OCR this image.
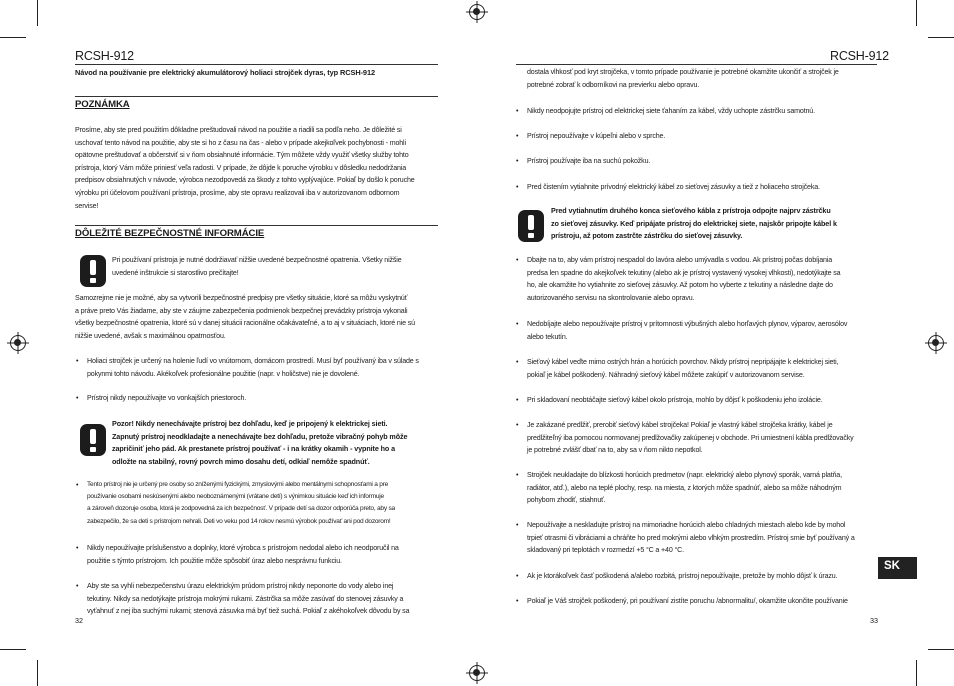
RCSH-912
Návod na používanie pre elektrický akumulátorový holiaci strojček dyras, typ RCSH-912
POZNÁMKA
Prosíme, aby ste pred použitím dôkladne preštudovali návod na použitie a riadili sa podľa neho. Je dôležité si
uschovať tento návod na použitie, aby ste si ho z času na čas - alebo v prípade akejkoľvek pochybnosti - mohli
opätovne preštudovať a občerstviť si v ňom obsiahnuté informácie. Tým môžete vždy využiť všetky služby tohto
prístroja, ktorý Vám môže priniesť veľa radosti. V prípade, že dôjde k poruche výrobku v dôsledku nedodržania
predpisov obsiahnutých v návode, výrobca nezodpovedá za škody z tohto vyplývajúce. Pokiaľ by došlo k poruche
výrobku pri účelovom používaní prístroja, prosíme, aby ste opravu realizovali iba v autorizovanom odbornom
servise!
DÔLEŽITÉ BEZPEČNOSTNÉ INFORMÁCIE
Pri používaní prístroja je nutné dodržiavať nižšie uvedené bezpečnostné opatrenia. Všetky nižšie
uvedené inštrukcie si starostlivo prečítajte!
Samozrejme nie je možné, aby sa vytvorili bezpečnostné predpisy pre všetky situácie, ktoré sa môžu vyskytnúť
a práve preto Vás žiadame, aby ste v záujme zabezpečenia podmienok bezpečnej prevádzky prístroja vykonali
všetky bezpečnostné opatrenia, ktoré sú v danej situácii racionálne očakávateľné, a to aj v situáciach, ktoré nie sú
nižšie uvedené, avšak s maximálnou opatrnosťou.
• Holiaci strojček je určený na holenie ľudí vo vnútornom, domácom prostredí. Musí byť používaný iba v súlade s
pokynmi tohto návodu. Akékoľvek profesionálne použitie (napr. v holičstve) nie je dovolené.
• Prístroj nikdy nepoužívajte vo vonkajších priestoroch.
Pozor! Nikdy nenechávajte prístroj bez dohľadu, keď je pripojený k elektrickej sieti.
Zapnutý prístroj neodkladajte a nenechávajte bez dohľadu, pretože vibračný pohyb môže
zapričiniť jeho pád. Ak prestanete prístroj používať - i na krátky okamih - vypnite ho a
odložte na stabilný, rovný povrch mimo dosahu detí, odkiaľ nemôže spadnúť.
• Tento prístroj nie je určený pre osoby so zníženými fyzickými, zmyslovými alebo mentálnymi schopnosťami a pre
používanie osobami neskúsenými alebo neoboznámenými (vrátane detí) s výnimkou situácie keď ich informuje
a zároveň dozoruje osoba, ktorá je zodpovedná za ich bezpečnosť. V prípade detí sa dozor odporúča preto, aby sa
zabezpečilo, že sa deti s prístrojom nehrali. Deti vo veku pod 14 rokov nesmú výrobok používať ani pod dozorom!
• Nikdy nepoužívajte príslušenstvo a doplnky, ktoré výrobca s prístrojom nedodal alebo ich neodporučil na
použitie s týmto prístrojom. Ich použitie môže spôsobiť úraz alebo nesprávnu funkciu.
• Aby ste sa vyhli nebezpečenstvu úrazu elektrickým prúdom prístroj nikdy neponorte do vody alebo inej
tekutiny. Nikdy sa nedotýkajte prístroja mokrými rukami. Zástrčka sa môže zasúvať do stenovej zásuvky a
vyťahnuť z nej iba suchými rukami; stenová zásuvka má byť tiež suchá. Pokiaľ z akéhokoľvek dôvodu by sa
32
RCSH-912
dostala vlhkosť pod kryt strojčeka, v tomto prípade používanie je potrebné okamžite ukončiť a strojček je
potrebné zobrať k odborníkovi na previerku alebo opravu.
• Nikdy neodpojujte prístroj od elektrickej siete ťahaním za kábel, vždy uchopte zástrčku samotnú.
• Prístroj nepoužívajte v kúpeľni alebo v sprche.
• Prístroj používajte iba na suchú pokožku.
• Pred čistením vytiahnite prívodný elektrický kábel zo sieťovej zásuvky a tiež z holiaceho strojčeka.
Pred vytiahnutím druhého konca sieťového kábla z prístroja odpojte najprv zástrčku
zo sieťovej zásuvky. Keď pripájate prístroj do elektrickej siete, najskôr pripojte kábel k
prístroju, až potom zastrčte zástrčku do sieťovej zásuvky.
• Dbajte na to, aby vám prístroj nespadol do lavóra alebo umývadla s vodou. Ak prístroj počas dobíjania
predsa len spadne do akejkoľvek tekutiny (alebo ak je prístroj vystavený vysokej vlhkosti), nedotýkajte sa
ho, ale okamžite ho vytiahnite zo sieťovej zásuvky. Až potom ho vyberte z tekutiny a následne dajte do
autorizovaného servisu na skontrolovanie alebo opravu.
• Nedobíjajte alebo nepoužívajte prístroj v prítomnosti výbušných alebo horľavých plynov, výparov, aerosólov
alebo tekutín.
• Sieťový kábel veďte mimo ostrých hrán a horúcich povrchov. Nikdy prístroj nepripájajte k elektrickej sieti,
pokiaľ je kábel poškodený. Náhradný sieťový kábel môžete zakúpiť v autorizovanom servise.
• Pri skladovaní neobtáčajte sieťový kábel okolo prístroja, mohlo by dôjsť k poškodeniu jeho izolácie.
• Je zakázané predlžiť, prerobiť sieťový kábel strojčeka! Pokiaľ je vlastný kábel strojčeka krátky, kábel je
predlžiteľný iba pomocou normovanej predlžovačky zakúpenej v obchode. Pri umiestnení kábla predlžovačky
je potrebné zvlášť dbať na to, aby sa v ňom nikto nepotkol.
• Strojček neukladajte do blízkosti horúcich predmetov (napr. elektrický alebo plynový sporák, varná platňa,
radiátor, atď.), alebo na teplé plochy, resp. na miesta, z ktorých môže spadnúť, alebo sa môže náhodným
pohybom zhodiť, stiahnuť.
• Nepoužívajte a neskladujte prístroj na mimoriadne horúcich alebo chladných miestach alebo kde by mohol
trpieť otrasmi či vibráciami a chráňte ho pred mokrými alebo vlhkým prostredím. Prístroj smie byť používaný a
skladovaný pri teplotách v rozmedzí +5 °C a +40 °C.
• Ak je ktorákoľvek časť poškodená a/alebo rozbitá, prístroj nepoužívajte, pretože by mohlo dôjsť k úrazu.
• Pokiaľ je Váš strojček poškodený, pri používaní zistíte poruchu /abnormalitu/, okamžite ukončite používanie
SK
33
